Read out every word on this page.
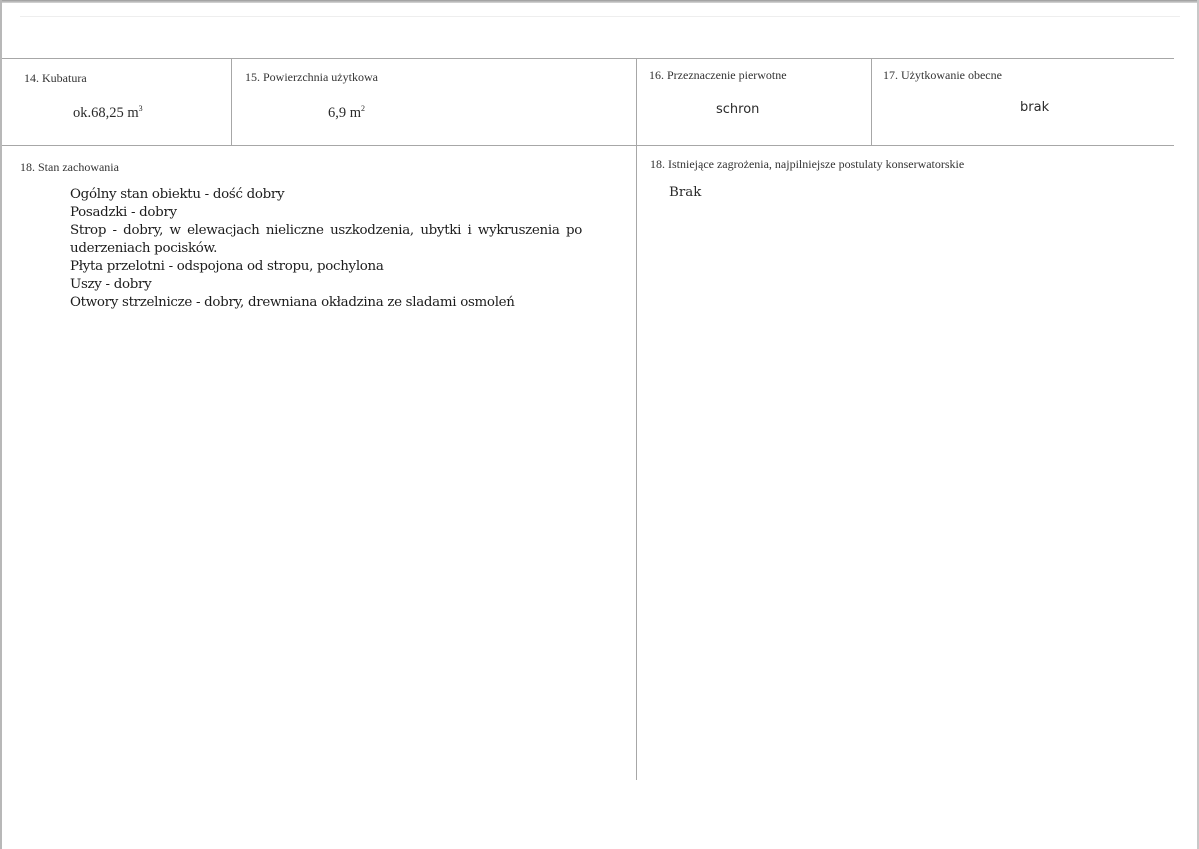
14. Kubatura
ok.68,25 $m^3$
15. Powierzchnia użytkowa
6,9 $m^2$
16. Przeznaczenie pierwotne
schron
17. Użytkowanie obecne
brak
18. Stan zachowania
Ogólny stan obiektu - dość dobry
Posadzki - dobry
Strop - dobry, w elewacjach nieliczne uszkodzenia, ubytki i wykruszenia po
uderzeniach pocisków.
Płyta przelotni - odspojona od stropu, pochylona
Uszy - dobry
Otwory strzelnicze - dobry, drewniana okładzina ze sladami osmoleń
18. Istniejące zagrożenia, najpilniejsze postulaty konserwatorskie
Brak
